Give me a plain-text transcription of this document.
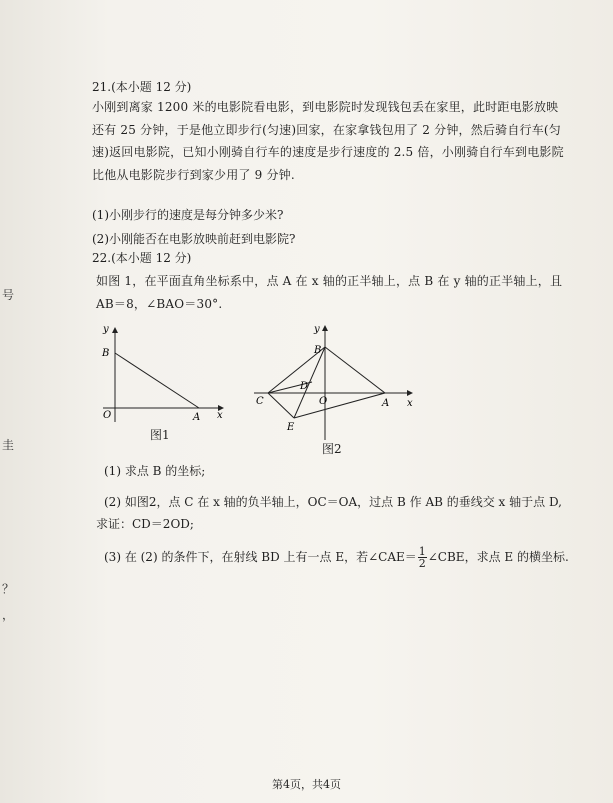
21.(本小题 12 分)
小刚到离家 1200 米的电影院看电影，到电影院时发现钱包丢在家里，此时距电影放映还有 25 分钟，于是他立即步行(匀速)回家，在家拿钱包用了 2 分钟，然后骑自行车(匀速)返回电影院，已知小刚骑自行车的速度是步行速度的 2.5 倍，小刚骑自行车到电影院比他从电影院步行到家少用了 9 分钟.
(1)小刚步行的速度是每分钟多少米?
(2)小刚能否在电影放映前赶到电影院?
22.(本小题 12 分)
如图 1，在平面直角坐标系中，点 A 在 x 轴的正半轴上，点 B 在 y 轴的正半轴上，且 AB＝8，∠BAO＝30°.
y
B
O	A x
图1
y
B
D
C	O	A x
E
图2
(1) 求点 B 的坐标;
(2) 如图2，点 C 在 x 轴的负半轴上，OC＝OA，过点 B 作 AB 的垂线交 x 轴于点 D,
求证：CD＝2OD;
(3) 在 (2) 的条件下，在射线 BD 上有一点 E，若∠CAE＝ $\frac{1}{2}$ ∠CBE，求点 E 的横坐标.
号
圭
？
，
第4页，共4页
